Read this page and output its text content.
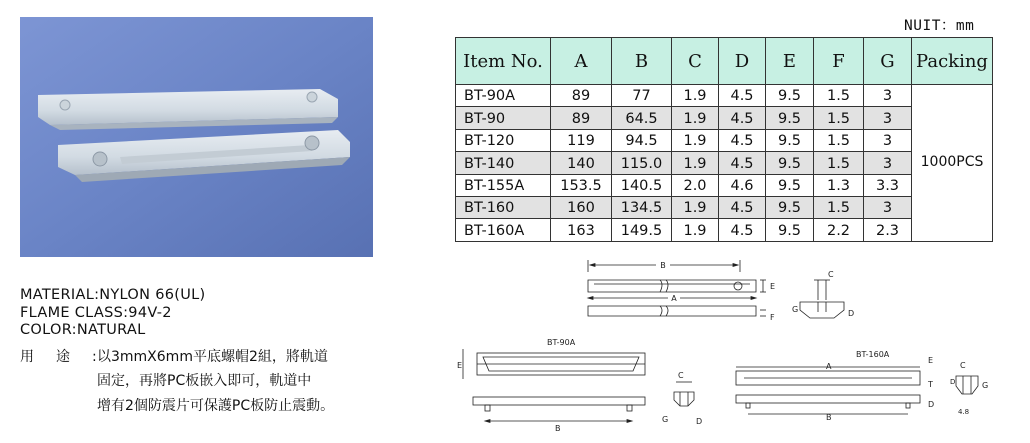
NUIT：mm
Item No.	A	B	C	D	E	F	G	Packing
BT-90A	89	77	1.9	4.5	9.5	1.5	3	1000PCS
BT-90	89	64.5	1.9	4.5	9.5	1.5	3	
BT-120	119	94.5	1.9	4.5	9.5	1.5	3	
BT-140	140	115.0	1.9	4.5	9.5	1.5	3	
BT-155A	153.5	140.5	2.0	4.6	9.5	1.3	3.3	
BT-160	160	134.5	1.9	4.5	9.5	1.5	3	
BT-160A	163	149.5	1.9	4.5	9.5	2.2	2.3	
MATERIAL:NYLON 66(UL)
FLAME CLASS:94V-2
COLOR:NATURAL
用途:
以3mmX6mm平底螺帽2組，將軌道
固定，再將PC板嵌入即可，軌道中
增有2個防震片可保護PC板防止震動。
B
A
E
F
C
G	D
BT-90A
E
B
C
G	D
BT-160A
A
B
E
T
D
C
D	G
4.8
